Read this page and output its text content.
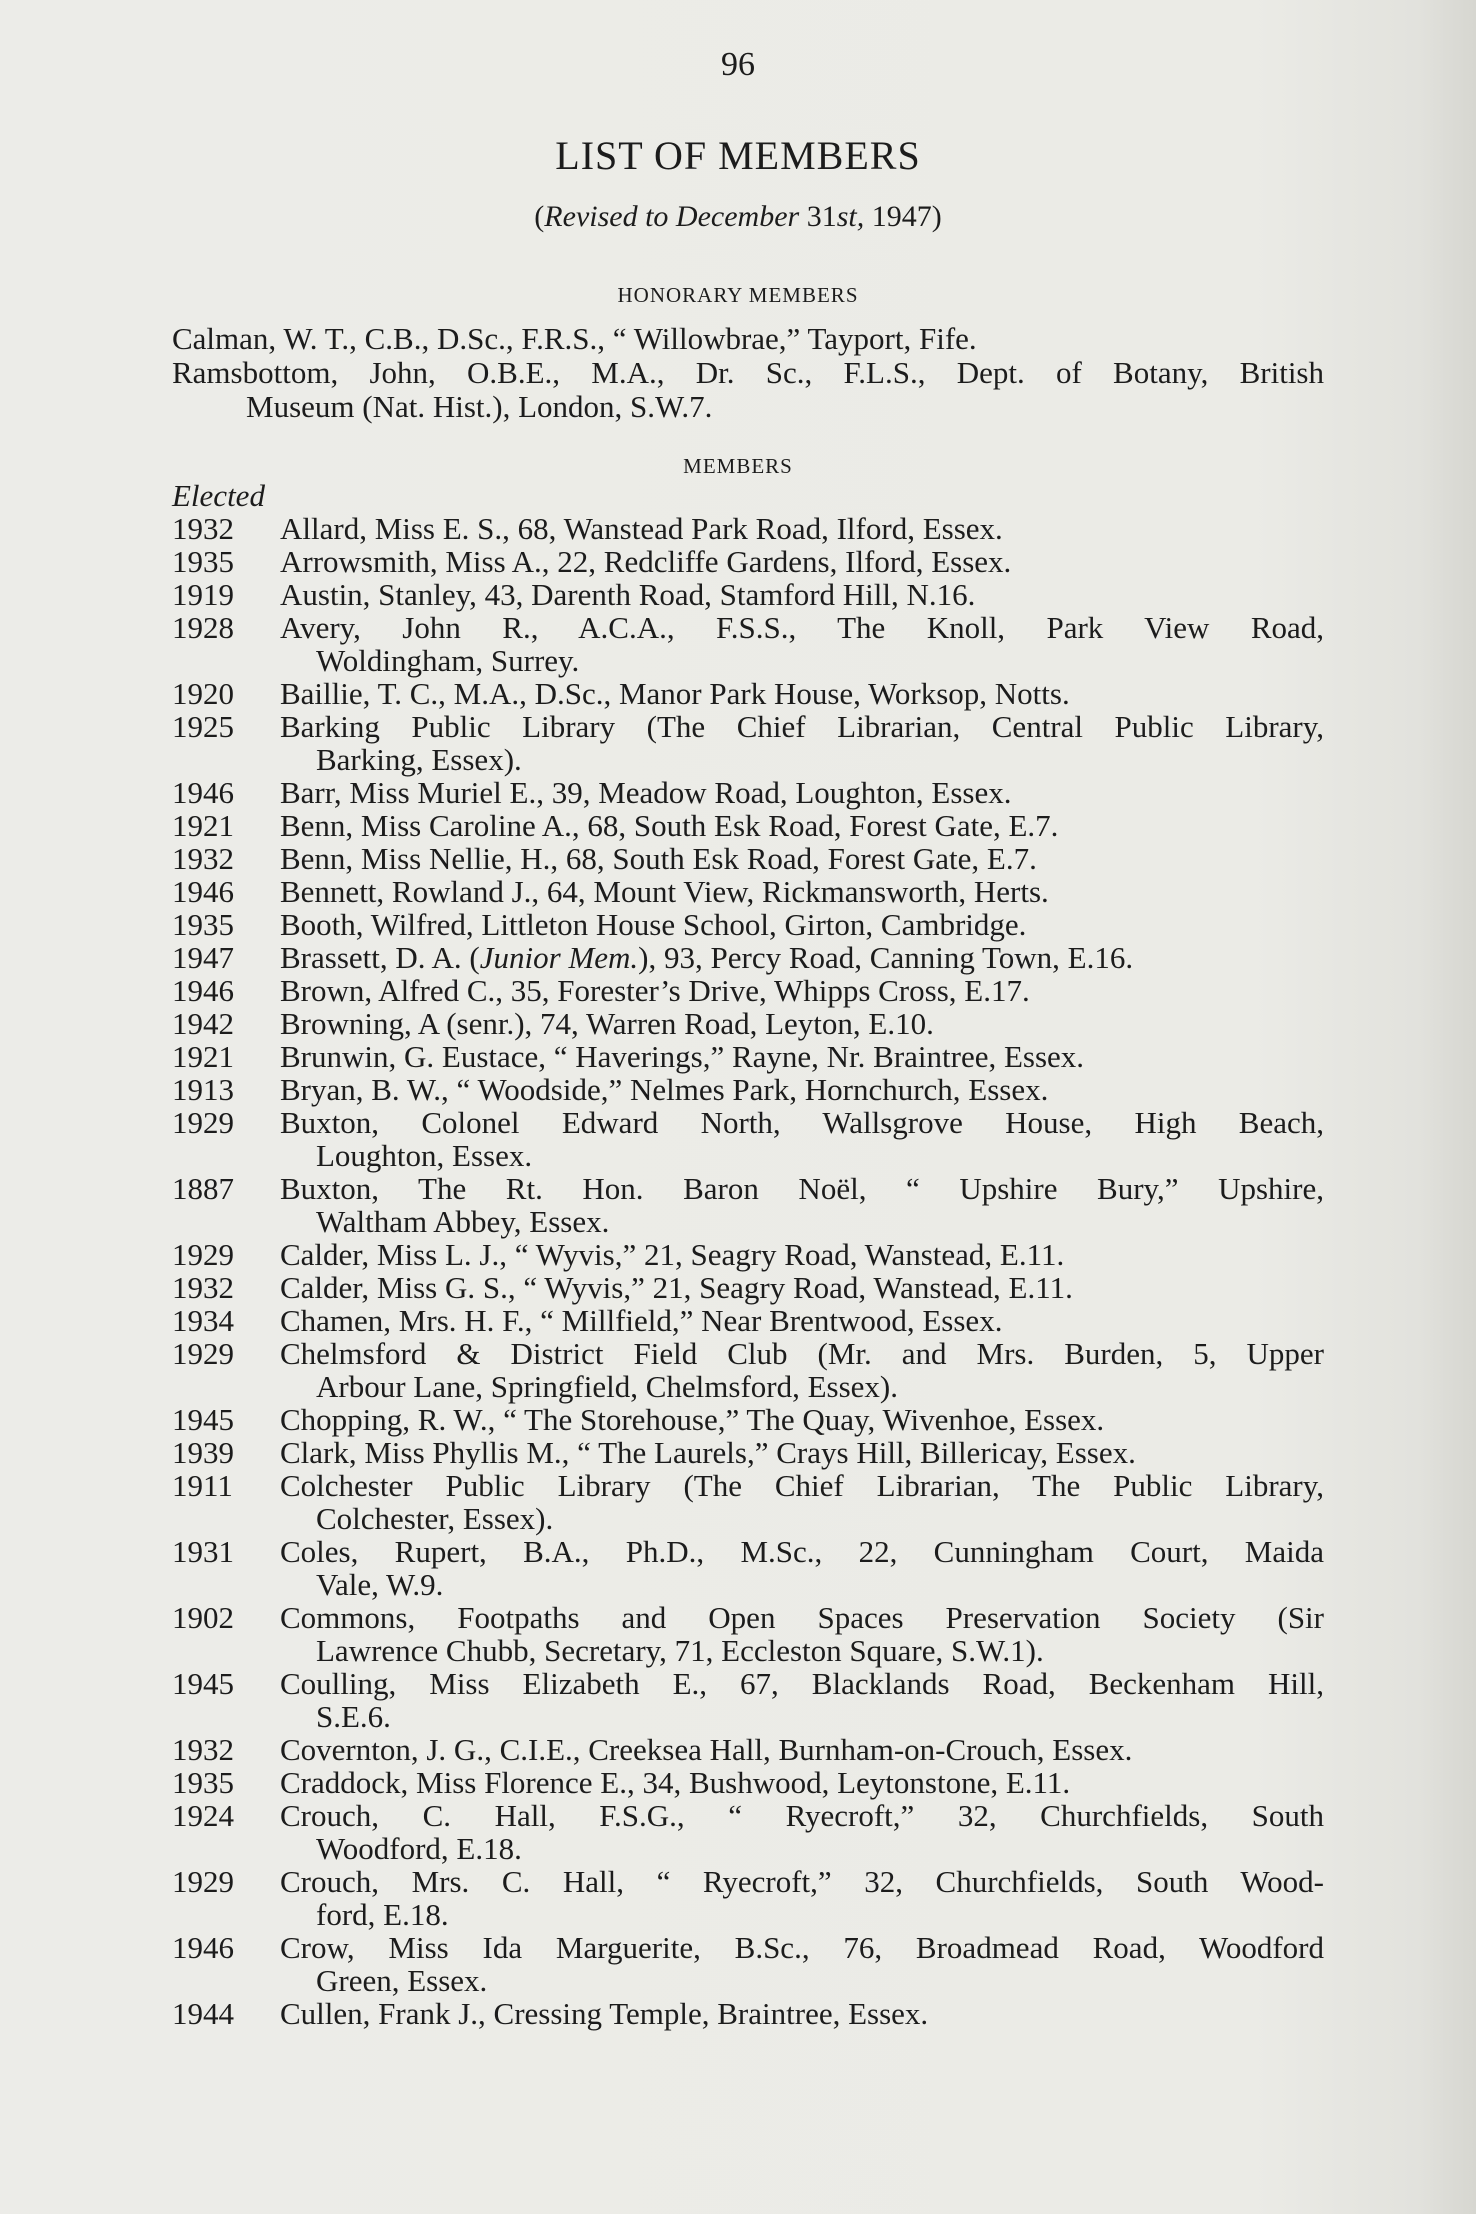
96
LIST OF MEMBERS
(Revised to December 31st, 1947)
HONORARY MEMBERS
Calman, W. T., C.B., D.Sc., F.R.S., “ Willowbrae,” Tayport, Fife.
Ramsbottom, John, O.B.E., M.A., Dr. Sc., F.L.S., Dept. of Botany, British
Museum (Nat. Hist.), London, S.W.7.
MEMBERS
Elected
1932	Allard, Miss E. S., 68, Wanstead Park Road, Ilford, Essex.
1935	Arrowsmith, Miss A., 22, Redcliffe Gardens, Ilford, Essex.
1919	Austin, Stanley, 43, Darenth Road, Stamford Hill, N.16.
1928	Avery, John R., A.C.A., F.S.S., The Knoll, Park View Road,
Woldingham, Surrey.
1920	Baillie, T. C., M.A., D.Sc., Manor Park House, Worksop, Notts.
1925	Barking Public Library (The Chief Librarian, Central Public Library,
Barking, Essex).
1946	Barr, Miss Muriel E., 39, Meadow Road, Loughton, Essex.
1921	Benn, Miss Caroline A., 68, South Esk Road, Forest Gate, E.7.
1932	Benn, Miss Nellie, H., 68, South Esk Road, Forest Gate, E.7.
1946	Bennett, Rowland J., 64, Mount View, Rickmansworth, Herts.
1935	Booth, Wilfred, Littleton House School, Girton, Cambridge.
1947	Brassett, D. A. (Junior Mem.), 93, Percy Road, Canning Town, E.16.
1946	Brown, Alfred C., 35, Forester’s Drive, Whipps Cross, E.17.
1942	Browning, A (senr.), 74, Warren Road, Leyton, E.10.
1921	Brunwin, G. Eustace, “ Haverings,” Rayne, Nr. Braintree, Essex.
1913	Bryan, B. W., “ Woodside,” Nelmes Park, Hornchurch, Essex.
1929	Buxton, Colonel Edward North, Wallsgrove House, High Beach,
Loughton, Essex.
1887	Buxton, The Rt. Hon. Baron Noël, “ Upshire Bury,” Upshire,
Waltham Abbey, Essex.
1929	Calder, Miss L. J., “ Wyvis,” 21, Seagry Road, Wanstead, E.11.
1932	Calder, Miss G. S., “ Wyvis,” 21, Seagry Road, Wanstead, E.11.
1934	Chamen, Mrs. H. F., “ Millfield,” Near Brentwood, Essex.
1929	Chelmsford & District Field Club (Mr. and Mrs. Burden, 5, Upper
Arbour Lane, Springfield, Chelmsford, Essex).
1945	Chopping, R. W., “ The Storehouse,” The Quay, Wivenhoe, Essex.
1939	Clark, Miss Phyllis M., “ The Laurels,” Crays Hill, Billericay, Essex.
1911	Colchester Public Library (The Chief Librarian, The Public Library,
Colchester, Essex).
1931	Coles, Rupert, B.A., Ph.D., M.Sc., 22, Cunningham Court, Maida
Vale, W.9.
1902	Commons, Footpaths and Open Spaces Preservation Society (Sir
Lawrence Chubb, Secretary, 71, Eccleston Square, S.W.1).
1945	Coulling, Miss Elizabeth E., 67, Blacklands Road, Beckenham Hill,
S.E.6.
1932	Covernton, J. G., C.I.E., Creeksea Hall, Burnham-on-Crouch, Essex.
1935	Craddock, Miss Florence E., 34, Bushwood, Leytonstone, E.11.
1924	Crouch, C. Hall, F.S.G., “ Ryecroft,” 32, Churchfields, South
Woodford, E.18.
1929	Crouch, Mrs. C. Hall, “ Ryecroft,” 32, Churchfields, South Wood-
ford, E.18.
1946	Crow, Miss Ida Marguerite, B.Sc., 76, Broadmead Road, Woodford
Green, Essex.
1944	Cullen, Frank J., Cressing Temple, Braintree, Essex.
